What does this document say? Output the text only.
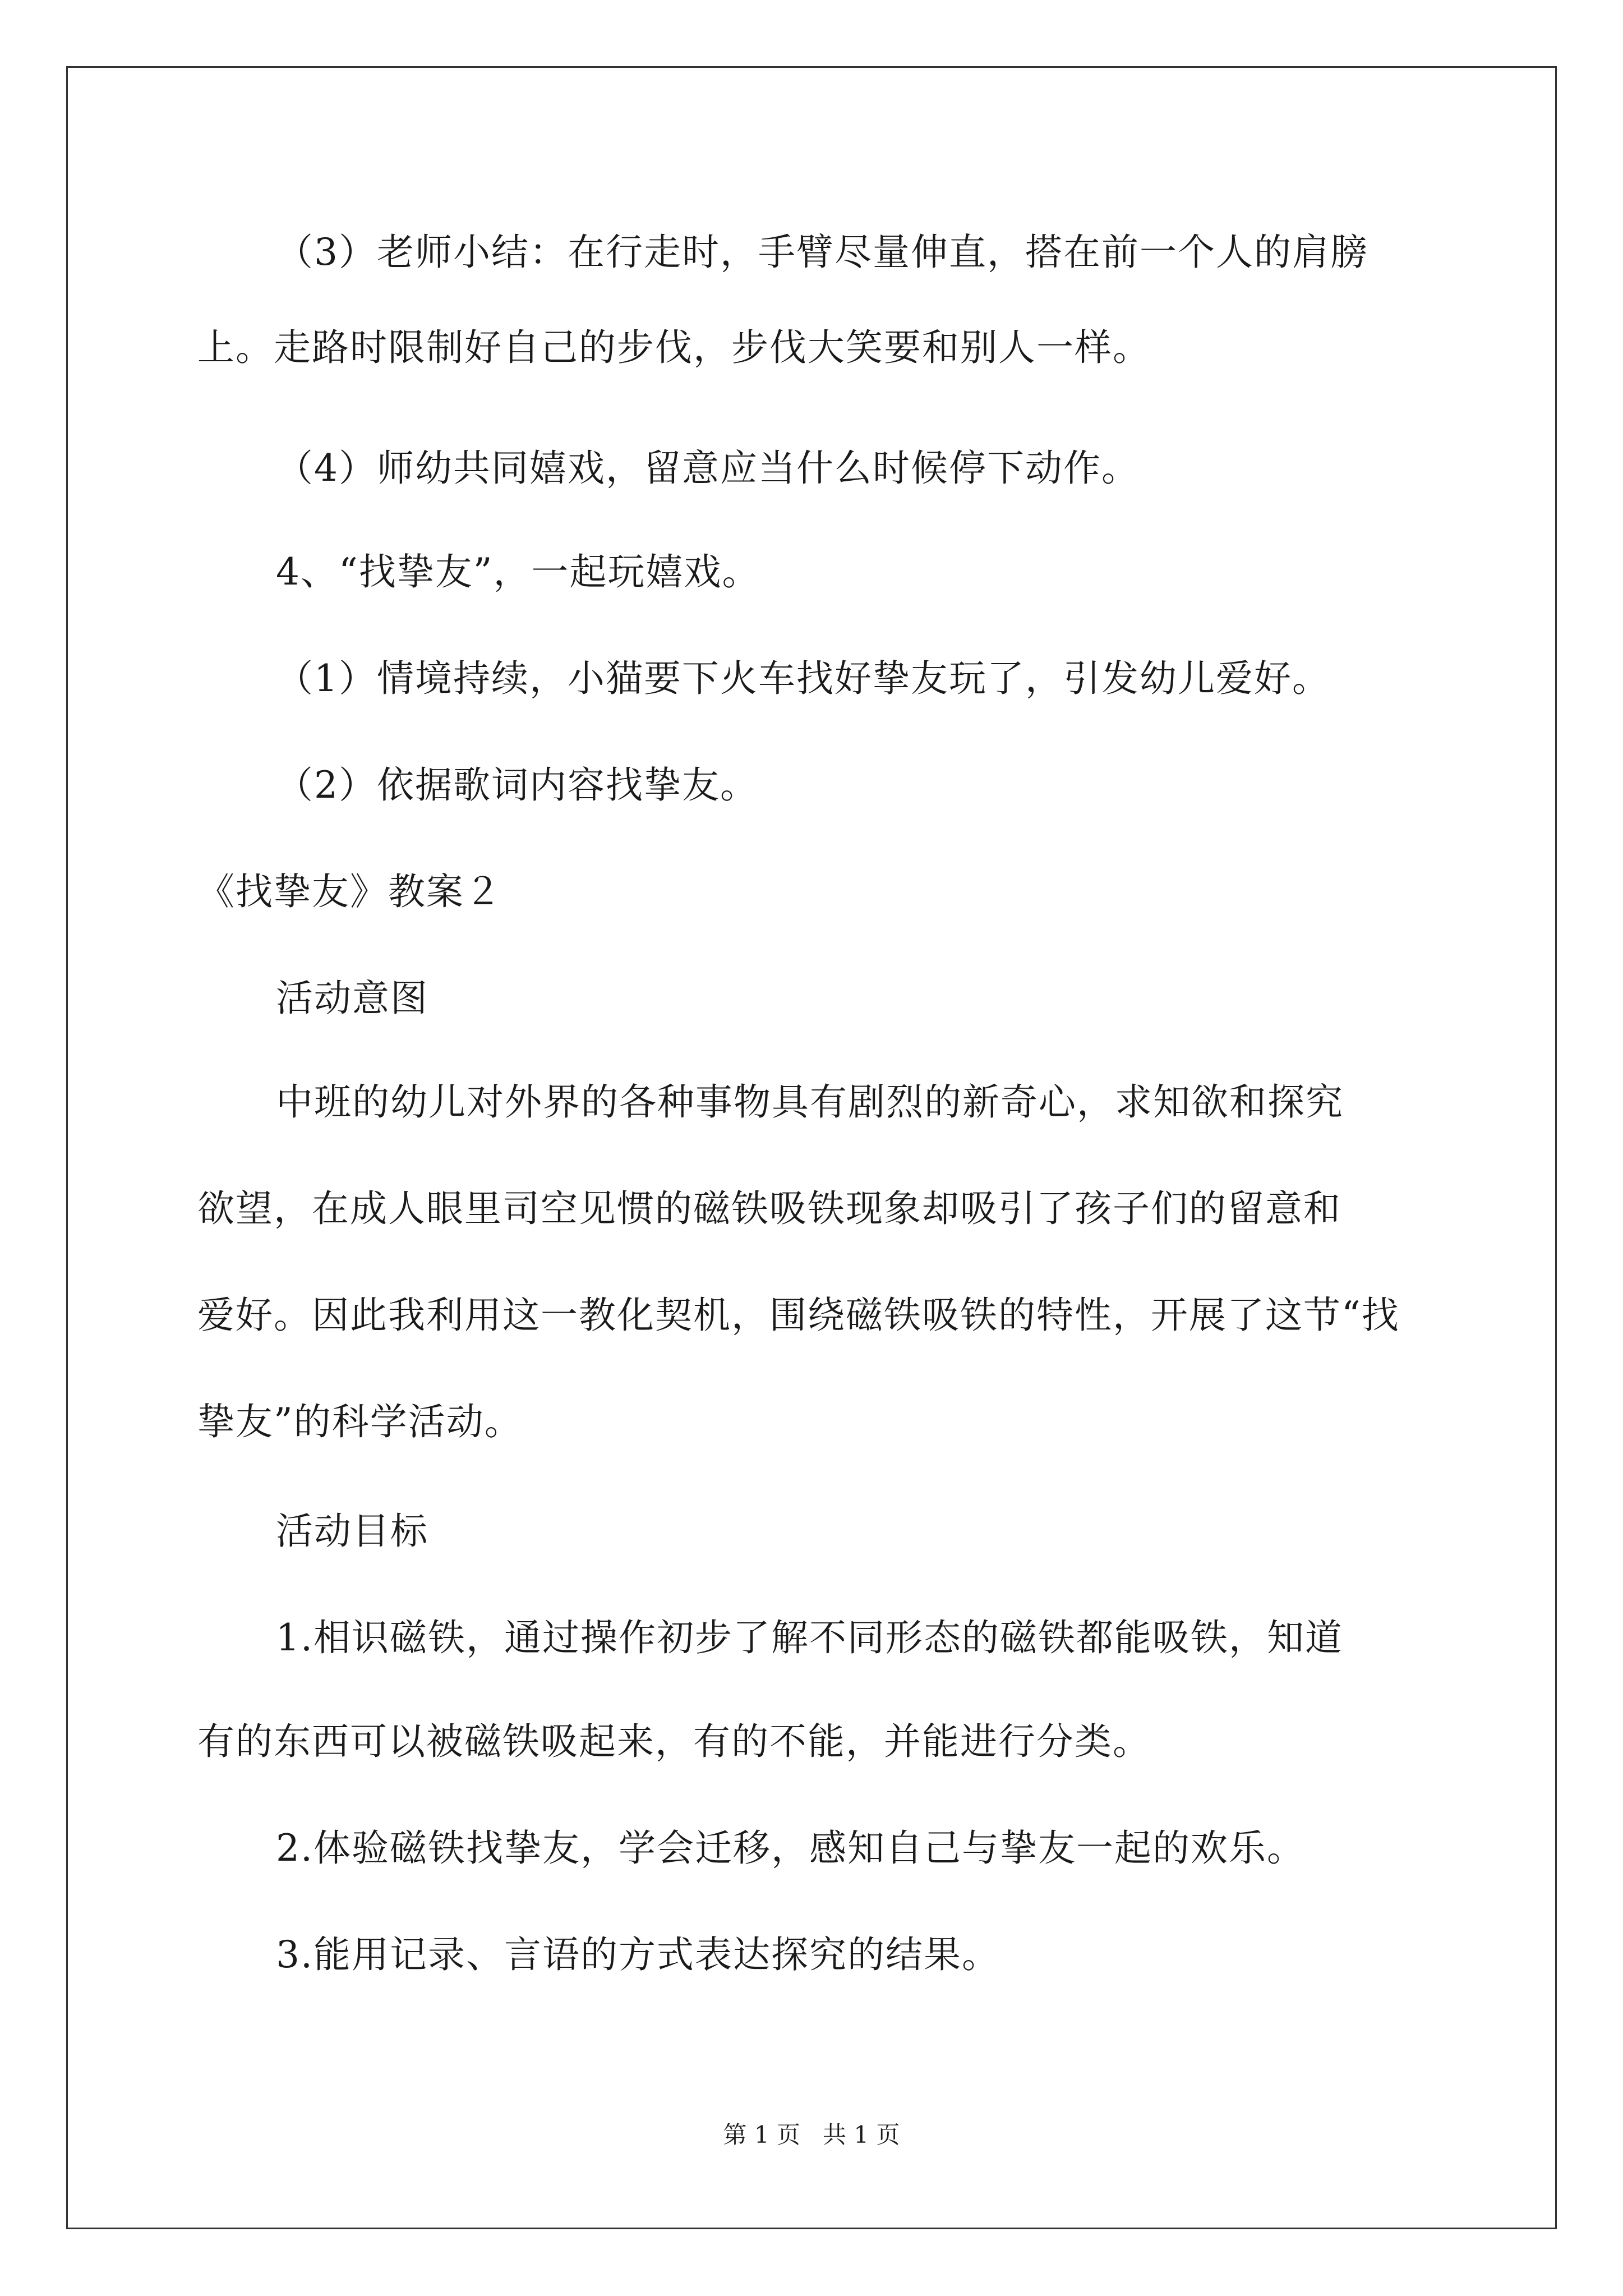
（3）老师小结：在行走时，手臂尽量伸直，搭在前一个人的肩膀
上。走路时限制好自己的步伐，步伐大笑要和别人一样。
（4）师幼共同嬉戏，留意应当什么时候停下动作。
4、“找挚友”，一起玩嬉戏。
（1）情境持续，小猫要下火车找好挚友玩了，引发幼儿爱好。
（2）依据歌词内容找挚友。
《找挚友》教案２
活动意图
中班的幼儿对外界的各种事物具有剧烈的新奇心，求知欲和探究
欲望，在成人眼里司空见惯的磁铁吸铁现象却吸引了孩子们的留意和
爱好。因此我利用这一教化契机，围绕磁铁吸铁的特性，开展了这节“找
挚友”的科学活动。
活动目标
1.相识磁铁，通过操作初步了解不同形态的磁铁都能吸铁，知道
有的东西可以被磁铁吸起来，有的不能，并能进行分类。
2.体验磁铁找挚友，学会迁移，感知自己与挚友一起的欢乐。
3.能用记录、言语的方式表达探究的结果。
第 1 页   共 1 页
